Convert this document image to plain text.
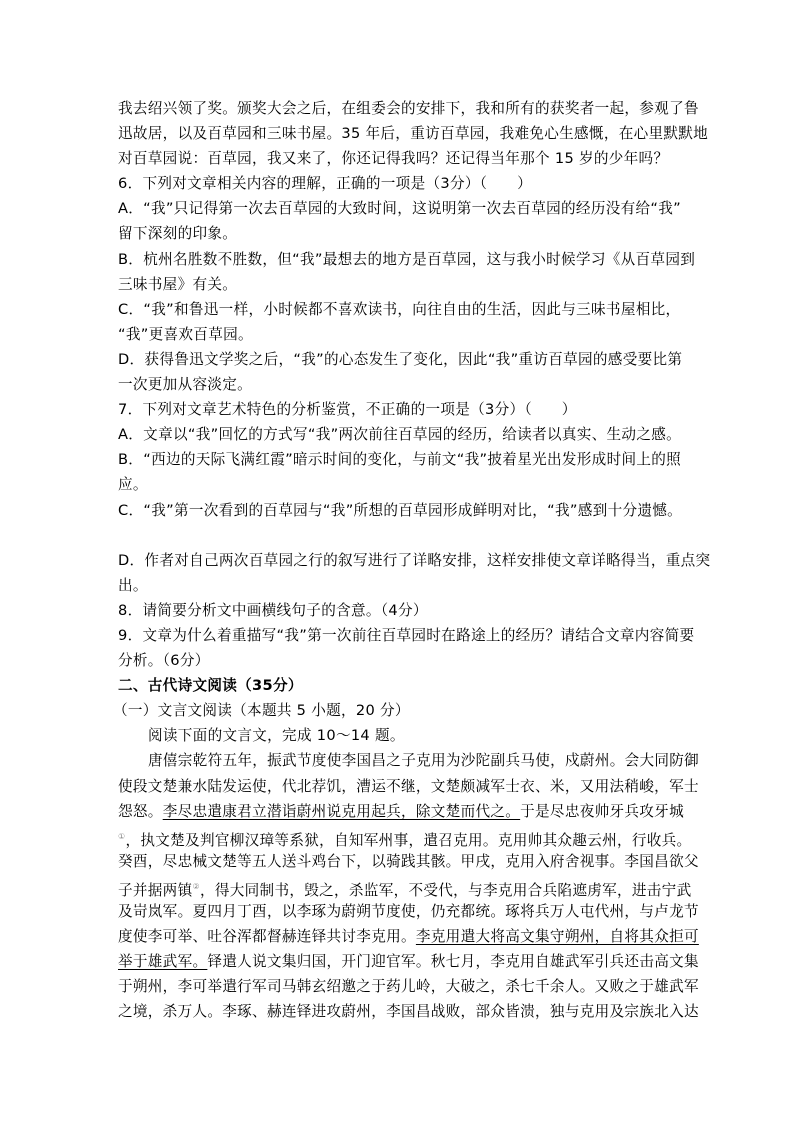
我去绍兴领了奖。颁奖大会之后，在组委会的安排下，我和所有的获奖者一起，参观了鲁
迅故居，以及百草园和三味书屋。35 年后，重访百草园，我难免心生感慨，在心里默默地
对百草园说：百草园，我又来了，你还记得我吗？还记得当年那个 15 岁的少年吗？
6．下列对文章相关内容的理解，正确的一项是（3分）（　　）
A．“我”只记得第一次去百草园的大致时间，这说明第一次去百草园的经历没有给“我”
留下深刻的印象。
B．杭州名胜数不胜数，但“我”最想去的地方是百草园，这与我小时候学习《从百草园到
三味书屋》有关。
C．“我”和鲁迅一样，小时候都不喜欢读书，向往自由的生活，因此与三味书屋相比，
“我”更喜欢百草园。
D．获得鲁迅文学奖之后，“我”的心态发生了变化，因此“我”重访百草园的感受要比第
一次更加从容淡定。
7．下列对文章艺术特色的分析鉴赏，不正确的一项是（3分）（　　）
A．文章以“我”回忆的方式写“我”两次前往百草园的经历，给读者以真实、生动之感。
B．“西边的天际飞满红霞”暗示时间的变化，与前文“我”披着星光出发形成时间上的照
应。
C．“我”第一次看到的百草园与“我”所想的百草园形成鲜明对比，“我”感到十分遗憾。
D．作者对自己两次百草园之行的叙写进行了详略安排，这样安排使文章详略得当，重点突
出。
8．请简要分析文中画横线句子的含意。（4分）
9．文章为什么着重描写“我”第一次前往百草园时在路途上的经历？请结合文章内容简要
分析。（6分）
二、古代诗文阅读（35分）
（一）文言文阅读（本题共 5 小题，20 分）
阅读下面的文言文，完成 10～14 题。
唐僖宗乾符五年，振武节度使李国昌之子克用为沙陀副兵马使，戍蔚州。会大同防御
使段文楚兼水陆发运使，代北荐饥，漕运不继，文楚颇减军士衣、米，又用法稍峻，军士
怨怒。李尽忠遣康君立潜诣蔚州说克用起兵，除文楚而代之。于是尽忠夜帅牙兵攻牙城
①，执文楚及判官柳汉璋等系狱，自知军州事，遣召克用。克用帅其众趣云州，行收兵。
癸酉，尽忠械文楚等五人送斗鸡台下，以骑践其骸。甲戌，克用入府舍视事。李国昌欲父
子并据两镇②，得大同制书，毁之，杀监军，不受代，与李克用合兵陷遮虏军，进击宁武
及岢岚军。夏四月丁酉，以李琢为蔚朔节度使，仍充都统。琢将兵万人屯代州，与卢龙节
度使李可举、吐谷浑都督赫连铎共讨李克用。李克用遣大将高文集守朔州，自将其众拒可
举于雄武军。铎遣人说文集归国，开门迎官军。秋七月，李克用自雄武军引兵还击高文集
于朔州，李可举遣行军司马韩玄绍邀之于药儿岭，大破之，杀七千余人。又败之于雄武军
之境，杀万人。李琢、赫连铎进攻蔚州，李国昌战败，部众皆溃，独与克用及宗族北入达
